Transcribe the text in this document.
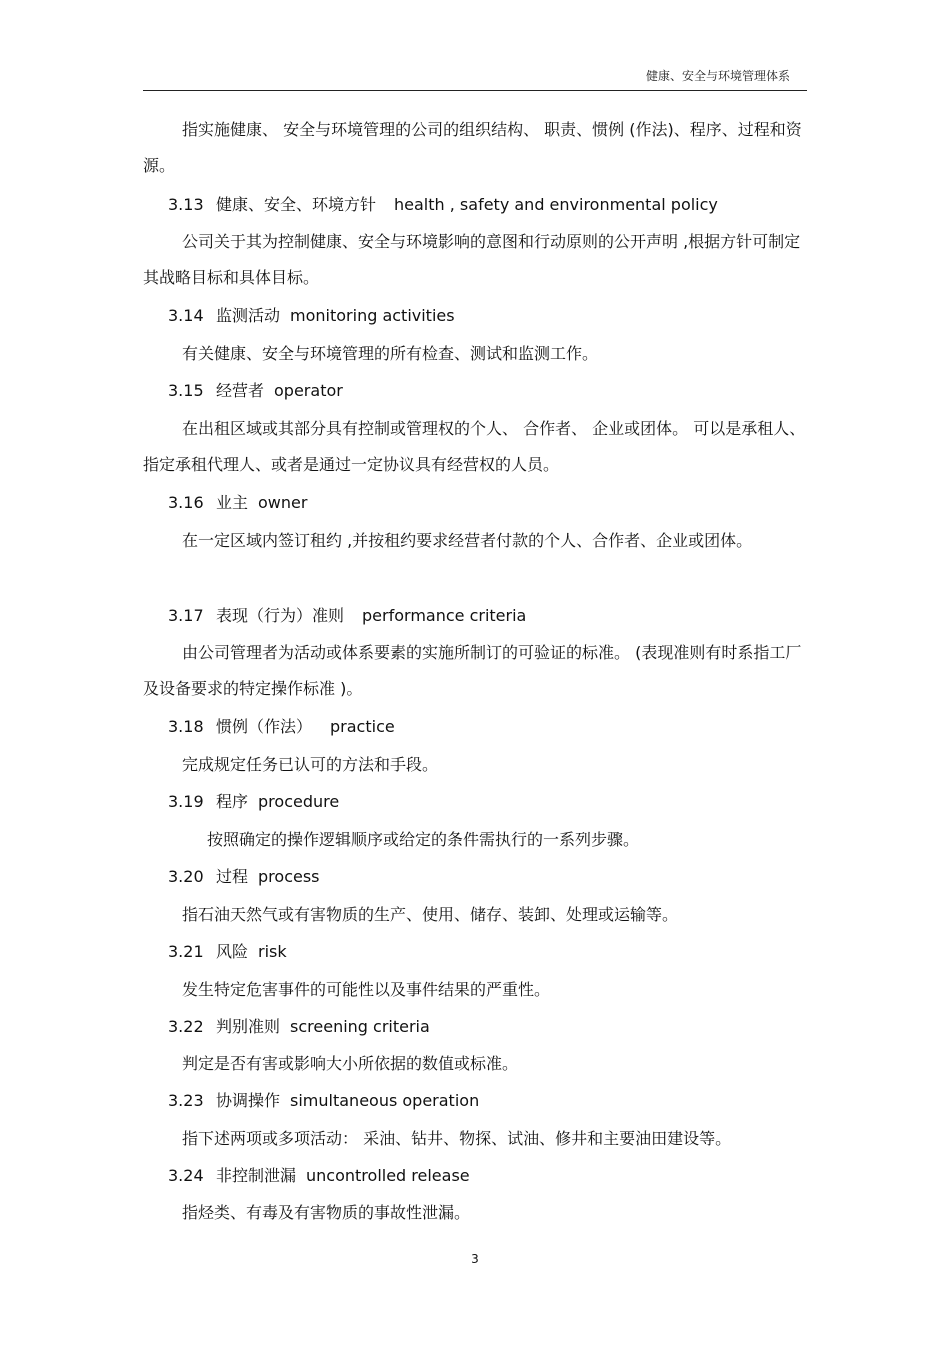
健康、安全与环境管理体系

指实施健康、 安全与环境管理的公司的组织结构、 职责、惯例 (作法)、程序、过程和资源。

3.13 健康、安全、环境方针 health , safety and environmental policy

公司关于其为控制健康、安全与环境影响的意图和行动原则的公开声明 ,根据方针可制定其战略目标和具体目标。

3.14 监测活动 monitoring activities

有关健康、安全与环境管理的所有检查、测试和监测工作。

3.15 经营者 operator

在出租区域或其部分具有控制或管理权的个人、 合作者、 企业或团体。 可以是承租人、指定承租代理人、或者是通过一定协议具有经营权的人员。

3.16 业主 owner

在一定区域内签订租约 ,并按租约要求经营者付款的个人、合作者、企业或团体。

3.17 表现（行为）准则 performance criteria

由公司管理者为活动或体系要素的实施所制订的可验证的标准。 (表现准则有时系指工厂及设备要求的特定操作标准 )。

3.18 惯例（作法） practice

完成规定任务已认可的方法和手段。

3.19 程序 procedure

按照确定的操作逻辑顺序或给定的条件需执行的一系列步骤。

3.20 过程 process

指石油天然气或有害物质的生产、使用、储存、装卸、处理或运输等。

3.21 风险 risk

发生特定危害事件的可能性以及事件结果的严重性。

3.22 判别准则 screening criteria

判定是否有害或影响大小所依据的数值或标准。

3.23 协调操作 simultaneous operation

指下述两项或多项活动： 采油、钻井、物探、试油、修井和主要油田建设等。

3.24 非控制泄漏 uncontrolled release

指烃类、有毒及有害物质的事故性泄漏。

3
